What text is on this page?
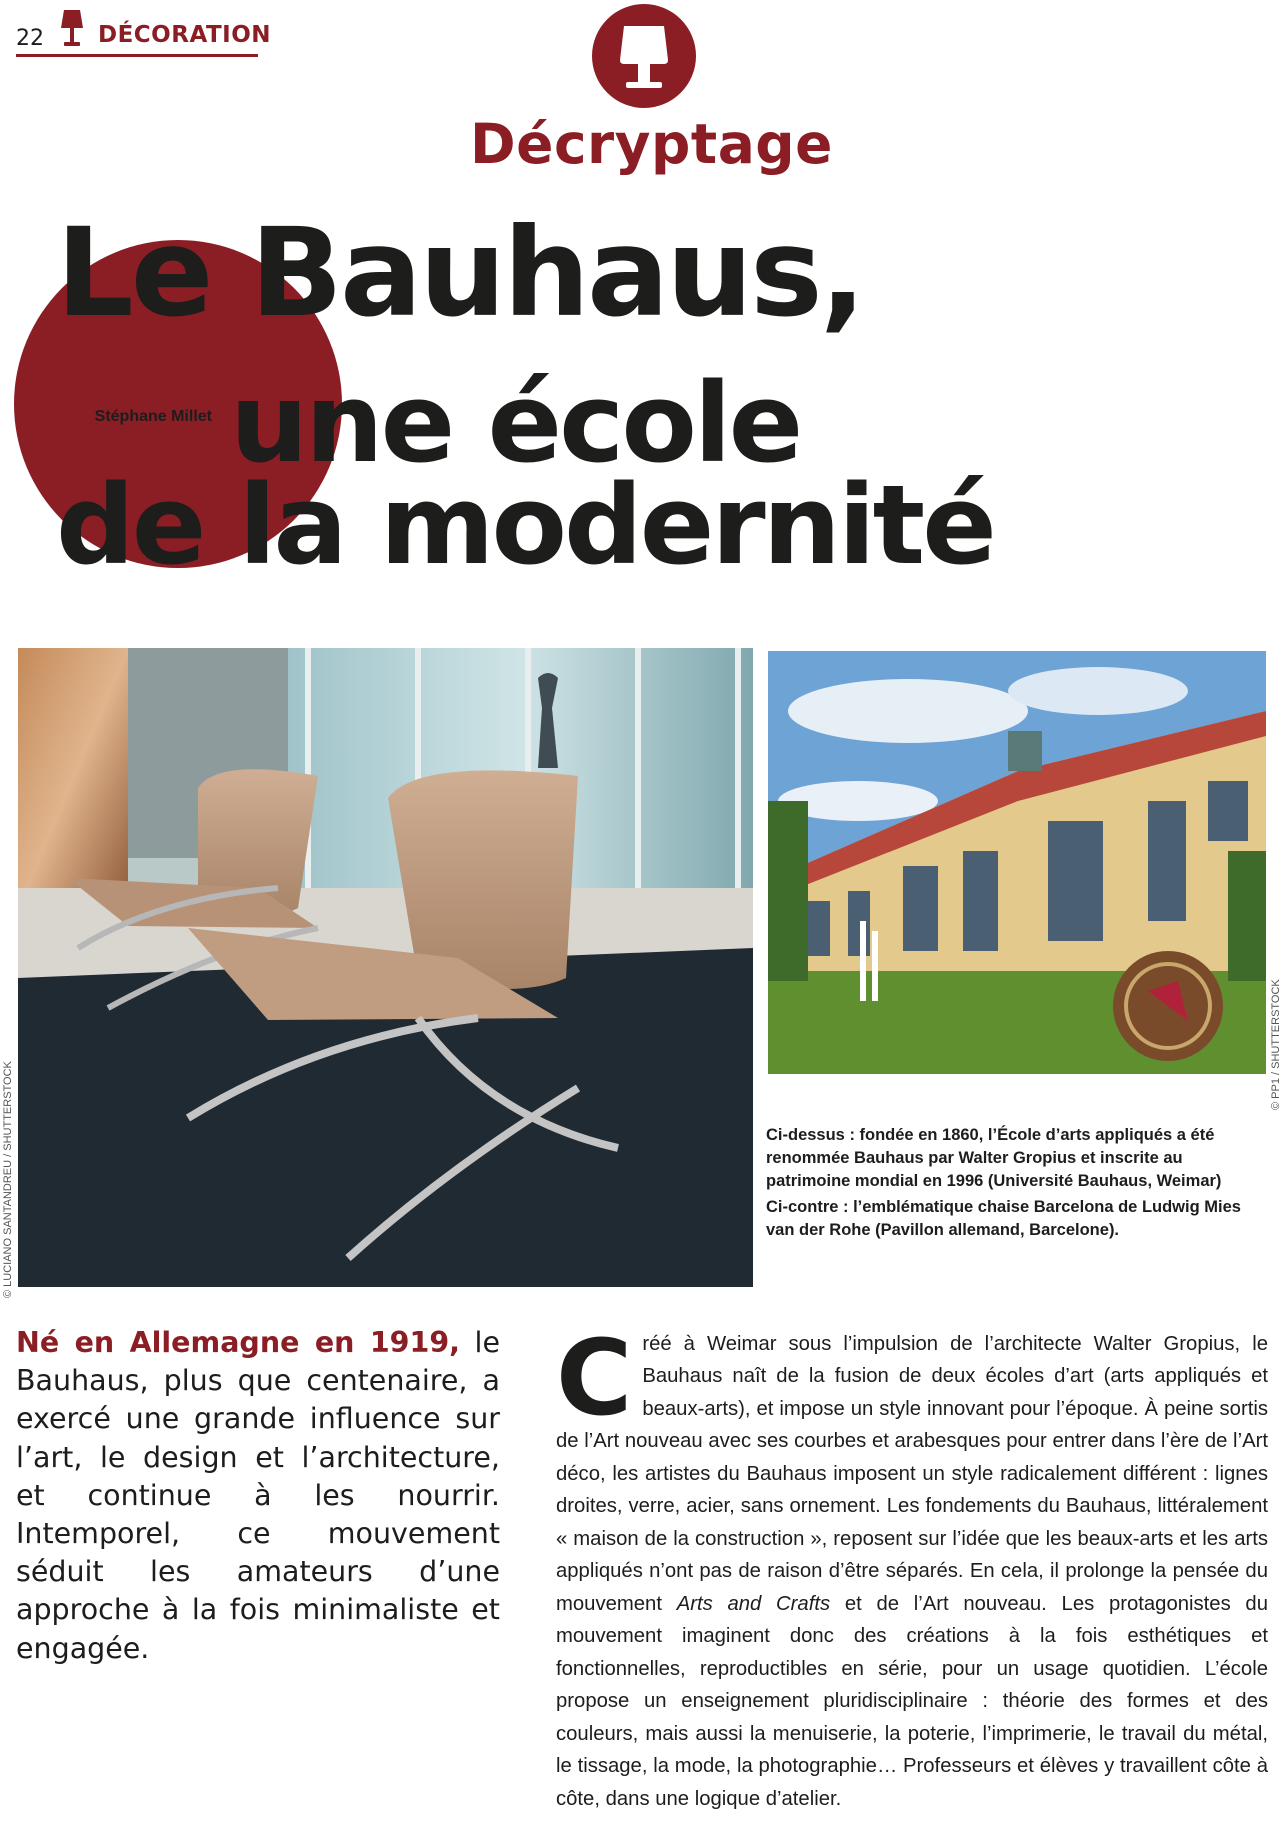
22 DÉCORATION
Décryptage
Le Bauhaus,
PAR
Stéphane Millet une école
de la modernité
© LUCIANO SANTANDREU / SHUTTERSTOCK
© PP1 / SHUTTERSTOCK

Ci-dessus : fondée en 1860, l’École d’arts appliqués a été renommée Bauhaus par Walter Gropius et inscrite au patrimoine mondial en 1996 (Université Bauhaus, Weimar)

Ci-contre : l’emblématique chaise Barcelona de Ludwig Mies van der Rohe (Pavillon allemand, Barcelone).

Né en Allemagne en 1919, le Bauhaus, plus que centenaire, a exercé une grande influence sur l’art, le design et l’architecture, et continue à les nourrir. Intemporel, ce mouvement séduit les amateurs d’une approche à la fois minimaliste et engagée.
Créé à Weimar sous l’impulsion de l’architecte Walter Gropius, le Bauhaus naît de la fusion de deux écoles d’art (arts appliqués et beaux-arts), et impose un style innovant pour l’époque. À peine sortis de l’Art nouveau avec ses courbes et arabesques pour entrer dans l’ère de l’Art déco, les artistes du Bauhaus imposent un style radicalement différent : lignes droites, verre, acier, sans ornement. Les fondements du Bauhaus, littéralement « maison de la construction », reposent sur l’idée que les beaux-arts et les arts appliqués n’ont pas de raison d’être séparés. En cela, il prolonge la pensée du mouvement Arts and Crafts et de l’Art nouveau. Les protagonistes du mouvement imaginent donc des créations à la fois esthétiques et fonctionnelles, reproductibles en série, pour un usage quotidien. L’école propose un enseignement pluridisciplinaire : théorie des formes et des couleurs, mais aussi la menuiserie, la poterie, l’imprimerie, le travail du métal, le tissage, la mode, la photographie… Professeurs et élèves y travaillent côte à côte, dans une logique d’atelier.
